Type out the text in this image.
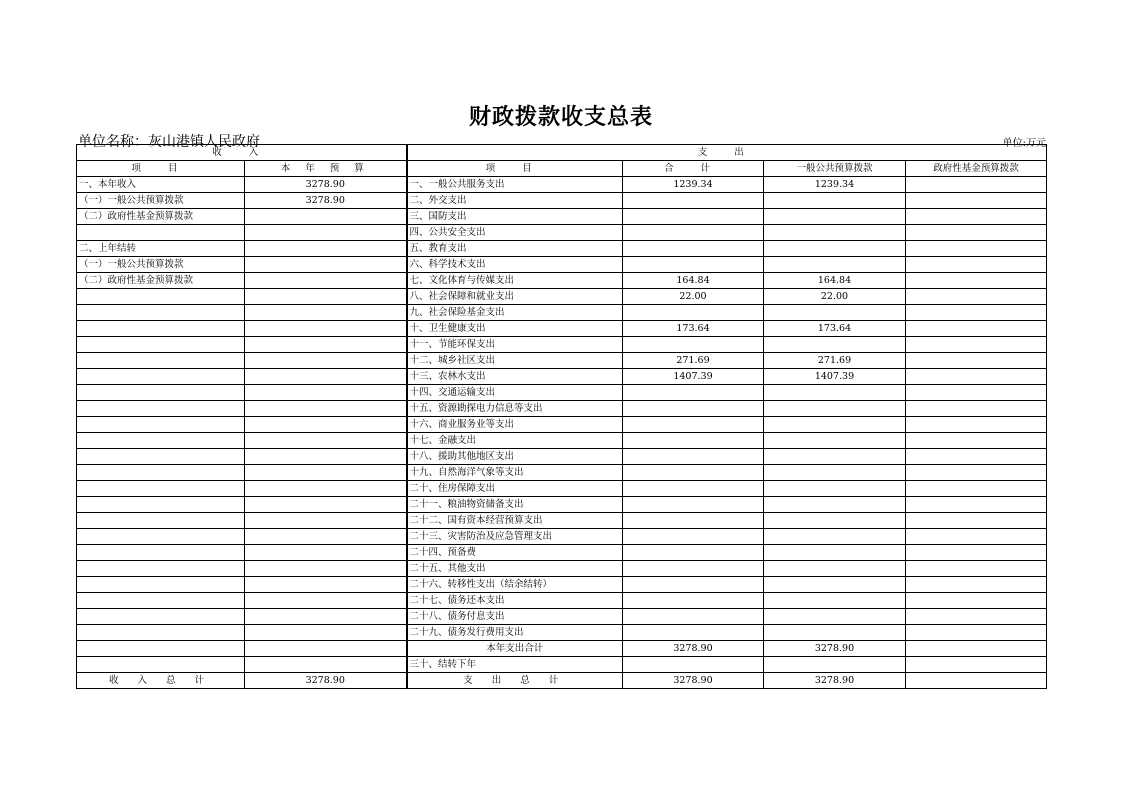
财政拨款收支总表
单位名称：灰山港镇人民政府	单位:万元
收 入		支 出			
项 目	本 年 预 算	项 目	合 计	一般公共预算拨款	政府性基金预算拨款
一、本年收入	3278.90	一、一般公共服务支出	1239.34	1239.34	
（一）一般公共预算拨款	3278.90	二、外交支出			
（二）政府性基金预算拨款		三、国防支出			
		四、公共安全支出			
二、上年结转		五、教育支出			
（一）一般公共预算拨款		六、科学技术支出			
（二）政府性基金预算拨款		七、文化体育与传媒支出	164.84	164.84	
		八、社会保障和就业支出	22.00	22.00	
		九、社会保险基金支出			
		十、卫生健康支出	173.64	173.64	
		十一、节能环保支出			
		十二、城乡社区支出	271.69	271.69	
		十三、农林水支出	1407.39	1407.39	
		十四、交通运输支出			
		十五、资源勘探电力信息等支出			
		十六、商业服务业等支出			
		十七、金融支出			
		十八、援助其他地区支出			
		十九、自然海洋气象等支出			
		二十、住房保障支出			
		二十一、粮油物资储备支出			
		二十二、国有资本经营预算支出			
		二十三、灾害防治及应急管理支出			
		二十四、预备费			
		二十五、其他支出			
		二十六、转移性支出（结余结转）			
		二十七、债务还本支出			
		二十八、债务付息支出			
		二十九、债务发行费用支出			
		本年支出合计	3278.90	3278.90	
		三十、结转下年			
收 入 总 计	3278.90	支 出 总 计	3278.90	3278.90	
